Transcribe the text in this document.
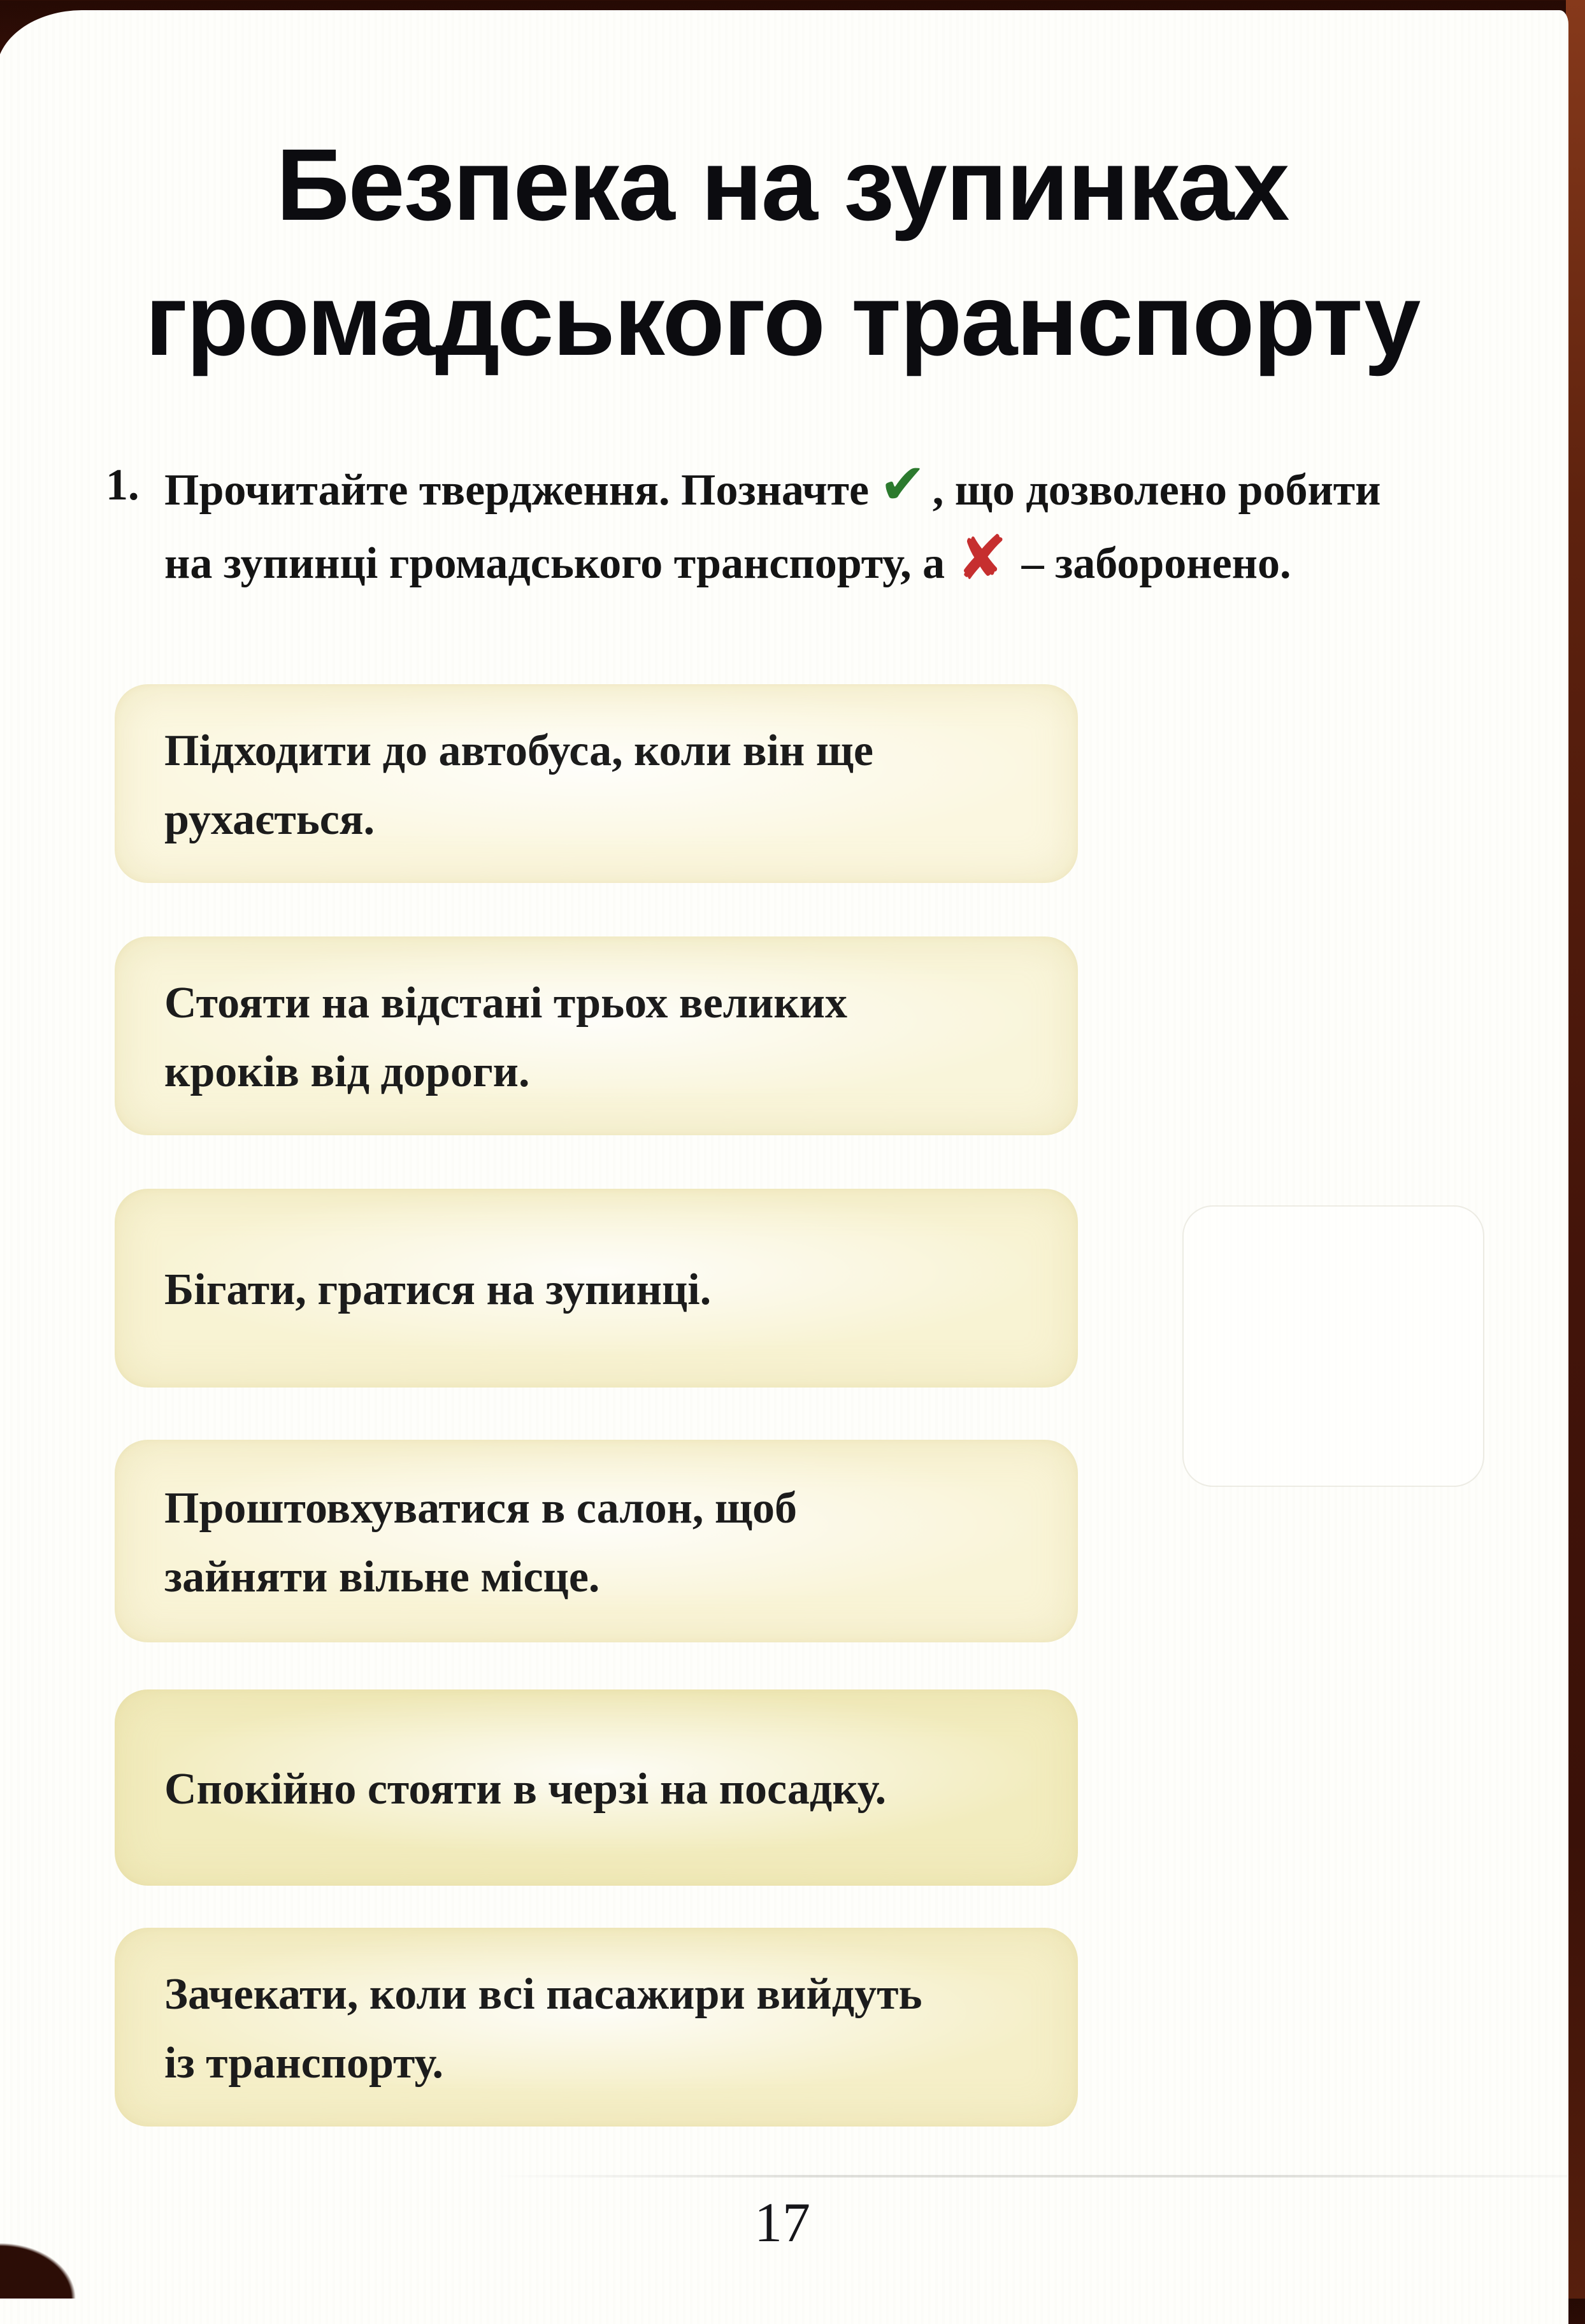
Безпека на зупинках
громадського транспорту
1. Прочитайте твердження. Позначте ✔ , що дозволено робити
на зупинці громадського транспорту, а ✘ – заборонено.
Підходити до автобуса, коли він ще
рухається.
Стояти на відстані трьох великих
кроків від дороги.
Бігати, гратися на зупинці.
Проштовхуватися в салон, щоб
зайняти вільне місце.
Спокійно стояти в черзі на посадку.
Зачекати, коли всі пасажири вийдуть
із транспорту.
17
